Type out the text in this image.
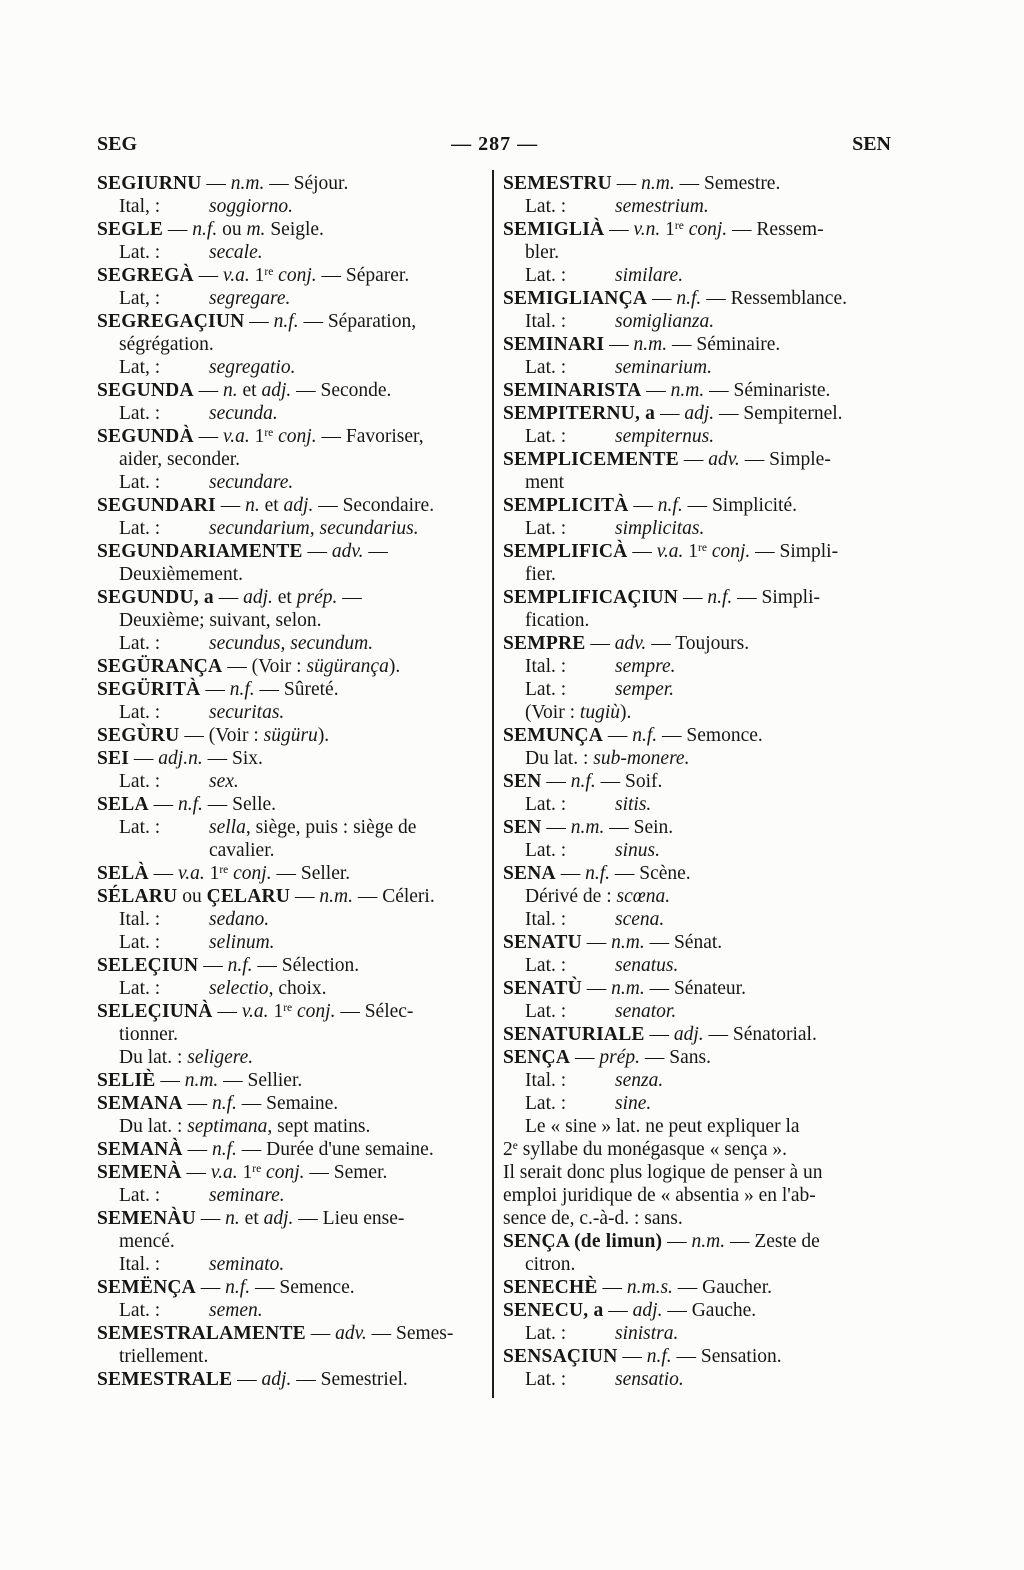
SEG	— 287 —	SEN
SEGIURNU — n.m. — Séjour.
Ital, :	soggiorno.
SEGLE — n.f. ou m. Seigle.
Lat. :	secale.
SEGREGÀ — v.a. 1re conj. — Séparer.
Lat, :	segregare.
SEGREGAÇIUN — n.f. — Séparation,
ségrégation.
Lat, :	segregatio.
SEGUNDA — n. et adj. — Seconde.
Lat. :	secunda.
SEGUNDÀ — v.a. 1re conj. — Favoriser,
aider, seconder.
Lat. :	secundare.
SEGUNDARI — n. et adj. — Secondaire.
Lat. :	secundarium, secundarius.
SEGUNDARIAMENTE — adv. —
Deuxièmement.
SEGUNDU, a — adj. et prép. —
Deuxième; suivant, selon.
Lat. :	secundus, secundum.
SEGÜRANÇA — (Voir : sügürança).
SEGÜRITÀ — n.f. — Sûreté.
Lat. :	securitas.
SEGÙRU — (Voir : sügüru).
SEI — adj.n. — Six.
Lat. :	sex.
SELA — n.f. — Selle.
Lat. :	sella, siège, puis : siège de
cavalier.
SELÀ — v.a. 1re conj. — Seller.
SÉLARU ou ÇELARU — n.m. — Céleri.
Ital. :	sedano.
Lat. :	selinum.
SELEÇIUN — n.f. — Sélection.
Lat. :	selectio, choix.
SELEÇIUNÀ — v.a. 1re conj. — Sélec-
tionner.
Du lat. : seligere.
SELIÈ — n.m. — Sellier.
SEMANA — n.f. — Semaine.
Du lat. : septimana, sept matins.
SEMANÀ — n.f. — Durée d'une semaine.
SEMENÀ — v.a. 1re conj. — Semer.
Lat. :	seminare.
SEMENÀU — n. et adj. — Lieu ense-
mencé.
Ital. :	seminato.
SEMËNÇA — n.f. — Semence.
Lat. :	semen.
SEMESTRALAMENTE — adv. — Semes-
triellement.
SEMESTRALE — adj. — Semestriel.
SEMESTRU — n.m. — Semestre.
Lat. :	semestrium.
SEMIGLIÀ — v.n. 1re conj. — Ressem-
bler.
Lat. :	similare.
SEMIGLIANÇA — n.f. — Ressemblance.
Ital. :	somiglianza.
SEMINARI — n.m. — Séminaire.
Lat. :	seminarium.
SEMINARISTA — n.m. — Séminariste.
SEMPITERNU, a — adj. — Sempiternel.
Lat. :	sempiternus.
SEMPLICEMENTE — adv. — Simple-
ment
SEMPLICITÀ — n.f. — Simplicité.
Lat. :	simplicitas.
SEMPLIFICÀ — v.a. 1re conj. — Simpli-
fier.
SEMPLIFICAÇIUN — n.f. — Simpli-
fication.
SEMPRE — adv. — Toujours.
Ital. :	sempre.
Lat. :	semper.
(Voir : tugiù).
SEMUNÇA — n.f. — Semonce.
Du lat. : sub-monere.
SEN — n.f. — Soif.
Lat. :	sitis.
SEN — n.m. — Sein.
Lat. :	sinus.
SENA — n.f. — Scène.
Dérivé de : scœna.
Ital. :	scena.
SENATU — n.m. — Sénat.
Lat. :	senatus.
SENATÙ — n.m. — Sénateur.
Lat. :	senator.
SENATURIALE — adj. — Sénatorial.
SENÇA — prép. — Sans.
Ital. :	senza.
Lat. :	sine.
Le « sine » lat. ne peut expliquer la
2e syllabe du monégasque « sença ».
Il serait donc plus logique de penser à un
emploi juridique de « absentia » en l'ab-
sence de, c.-à-d. : sans.
SENÇA (de limun) — n.m. — Zeste de
citron.
SENECHÈ — n.m.s. — Gaucher.
SENECU, a — adj. — Gauche.
Lat. :	sinistra.
SENSAÇIUN — n.f. — Sensation.
Lat. :	sensatio.
